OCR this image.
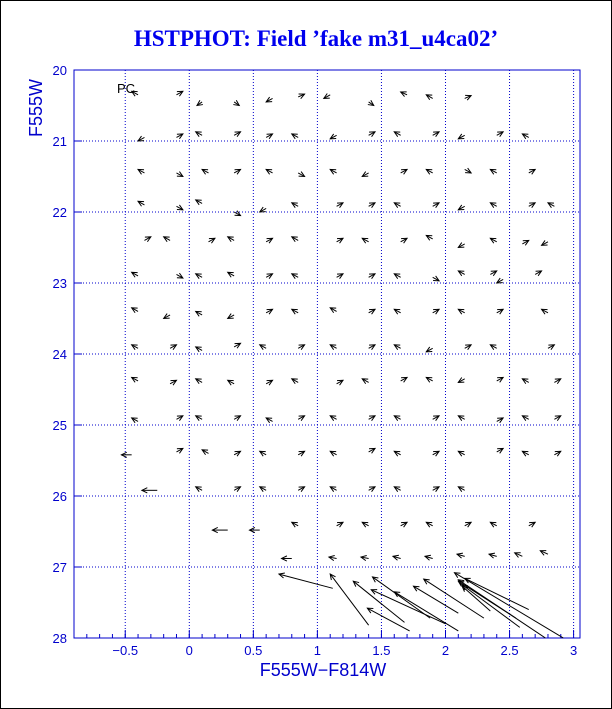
HSTPHOT: Field ’fake m31_u4ca02’
−0.5	0	0.5	1	1.5	2	2.5	3
20
21
22
23
24
25
26
27
28
PC
F555W−F814W
F555W
